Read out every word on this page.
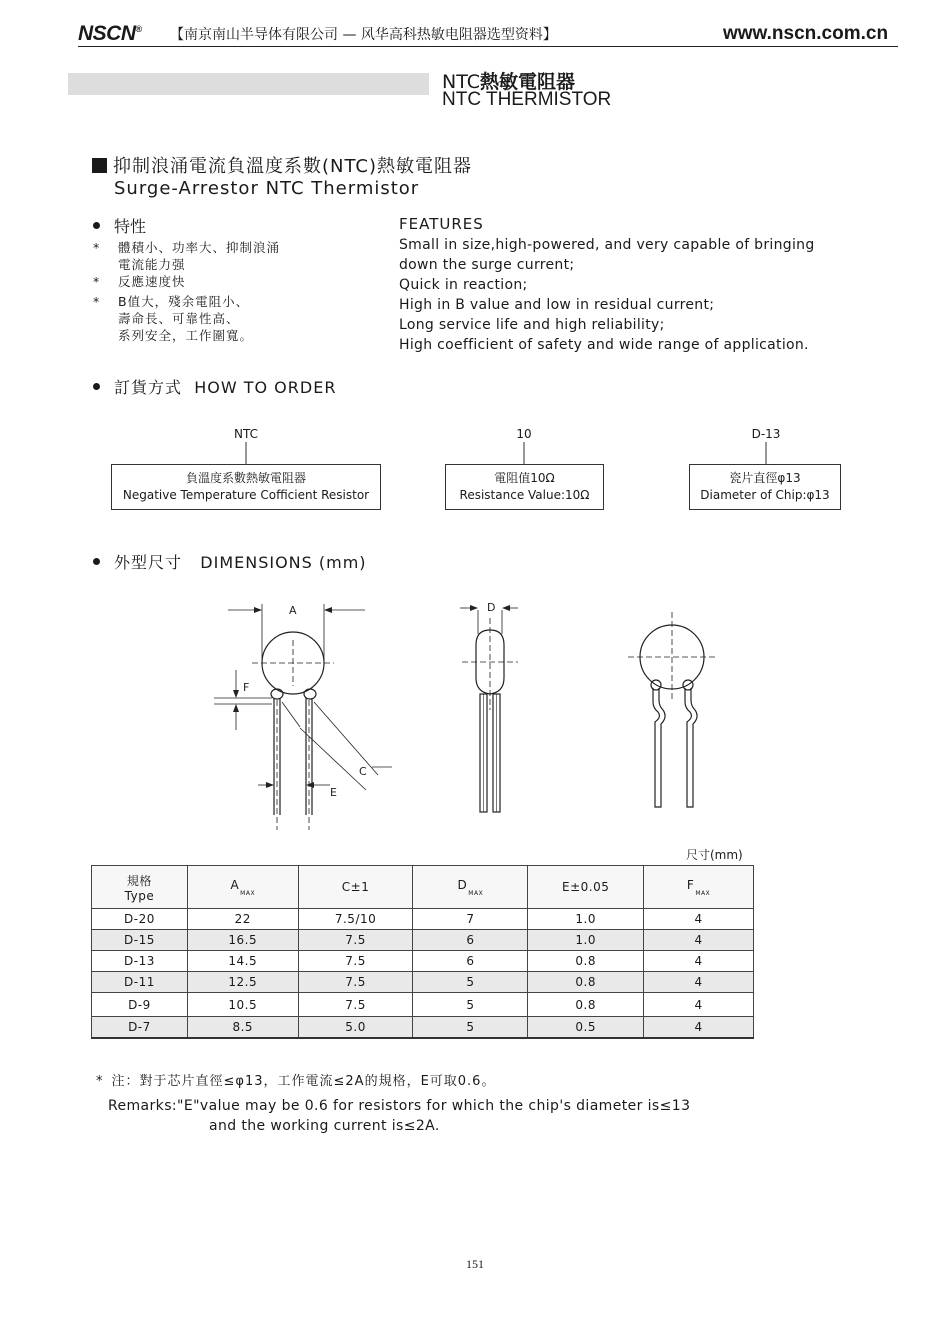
NSCN® 【南京南山半导体有限公司 — 风华高科热敏电阻器选型资料】	www.nscn.com.cn
NTC熱敏電阻器
NTC THERMISTOR
抑制浪涌電流負溫度系數(NTC)熱敏電阻器
Surge-Arrestor NTC Thermistor
特性
* 體積小、功率大、抑制浪涌
電流能力强
* 反應速度快
* B值大，殘余電阻小、
壽命長、可靠性高、
系列安全，工作圍寬。
FEATURES
Small in size,high-powered, and very capable of bringing
down the surge current;
Quick in reaction;
High in B value and low in residual current;
Long service life and high reliability;
High coefficient of safety and wide range of application.
訂貨方式 HOW TO ORDER
NTC	10	D-13
負溫度系數熱敏電阻器
Negative Temperature Cofficient Resistor
電阻值10Ω
Resistance Value:10Ω
瓷片直徑φ13
Diameter of Chip:φ13
外型尺寸 DIMENSIONS (mm)
A
F
C
E
D
尺寸(mm)
規格
Type	$A_{MAX}$	C±1	$D_{MAX}$	E±0.05	$F_{MAX}$
D-20	22	7.5/10	7	1.0	4
D-15	16.5	7.5	6	1.0	4
D-13	14.5	7.5	6	0.8	4
D-11	12.5	7.5	5	0.8	4
D-9	10.5	7.5	5	0.8	4
D-7	8.5	5.0	5	0.5	4
* 注：對于芯片直徑≤φ13，工作電流≤2A的規格，E可取0.6。
Remarks:"E"value may be 0.6 for resistors for which the chip's diameter is≤13
and the working current is≤2A.
151
